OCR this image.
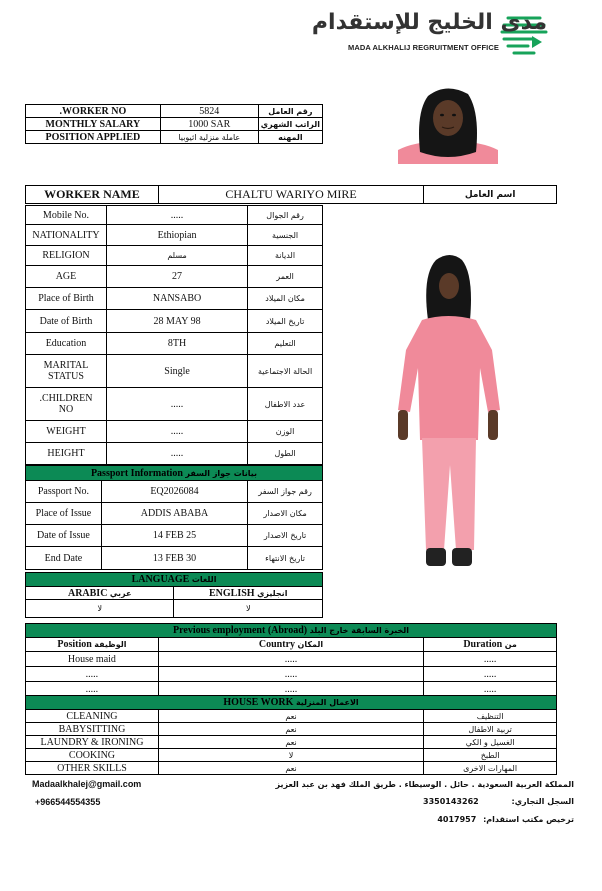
مدى الخليج للإستقدام
MADA ALKHALIJ REGRUITMENT OFFICE
.WORKER NO	5824	رقم العامل
MONTHLY SALARY	1000 SAR	الراتب الشهري
POSITION APPLIED	عاملة منزلية اثيوبيا	المهنه
WORKER NAME	CHALTU WARIYO MIRE	اسم العامل
Mobile No.	.....	رقم الجوال
NATIONALITY	Ethiopian	الجنسية
RELIGION	مسلم	الديانة
AGE	27	العمر
Place of Birth	NANSABO	مكان الميلاد
Date of Birth	28 MAY 98	تاريخ الميلاد
Education	8TH	التعليم
MARITAL STATUS	Single	الحالة الاجتماعية
.CHILDREN NO	.....	عدد الاطفال
WEIGHT	.....	الوزن
HEIGHT	.....	الطول
Passport Information بيانات جواز السفر		
Passport No.	EQ2026084	رقم جواز السفر
Place of Issue	ADDIS ABABA	مكان الاصدار
Date of Issue	14 FEB 25	تاريخ الاصدار
End Date	13 FEB 30	تاريخ الانتهاء
LANGUAGE اللغات	
ARABIC عربي	ENGLISH انجليزي
لا	لا
Previous employment (Abroad) الخبرة السابقة خارج البلد		
Position الوظيفة	Country المكان	Duration من
House maid	.....	.....
.....	.....	.....
.....	.....	.....
HOUSE WORK الاعمال المنزلية		
CLEANING	نعم	التنظيف
BABYSITTING	نعم	تربية الاطفال
LAUNDRY & IRONING	نعم	الغسيل و الكي
COOKING	لا	الطبخ
OTHER SKILLS	نعم	المهارات الاخرى
Madaalkhalej@gmail.com
+966544554355
المملكة العربية السعودية . حائل . الوسيطاء . طريق الملك فهد بن عبد العزيز
السجل التجاري: 3350143262
ترخيص مكتب استقدام: 4017957
